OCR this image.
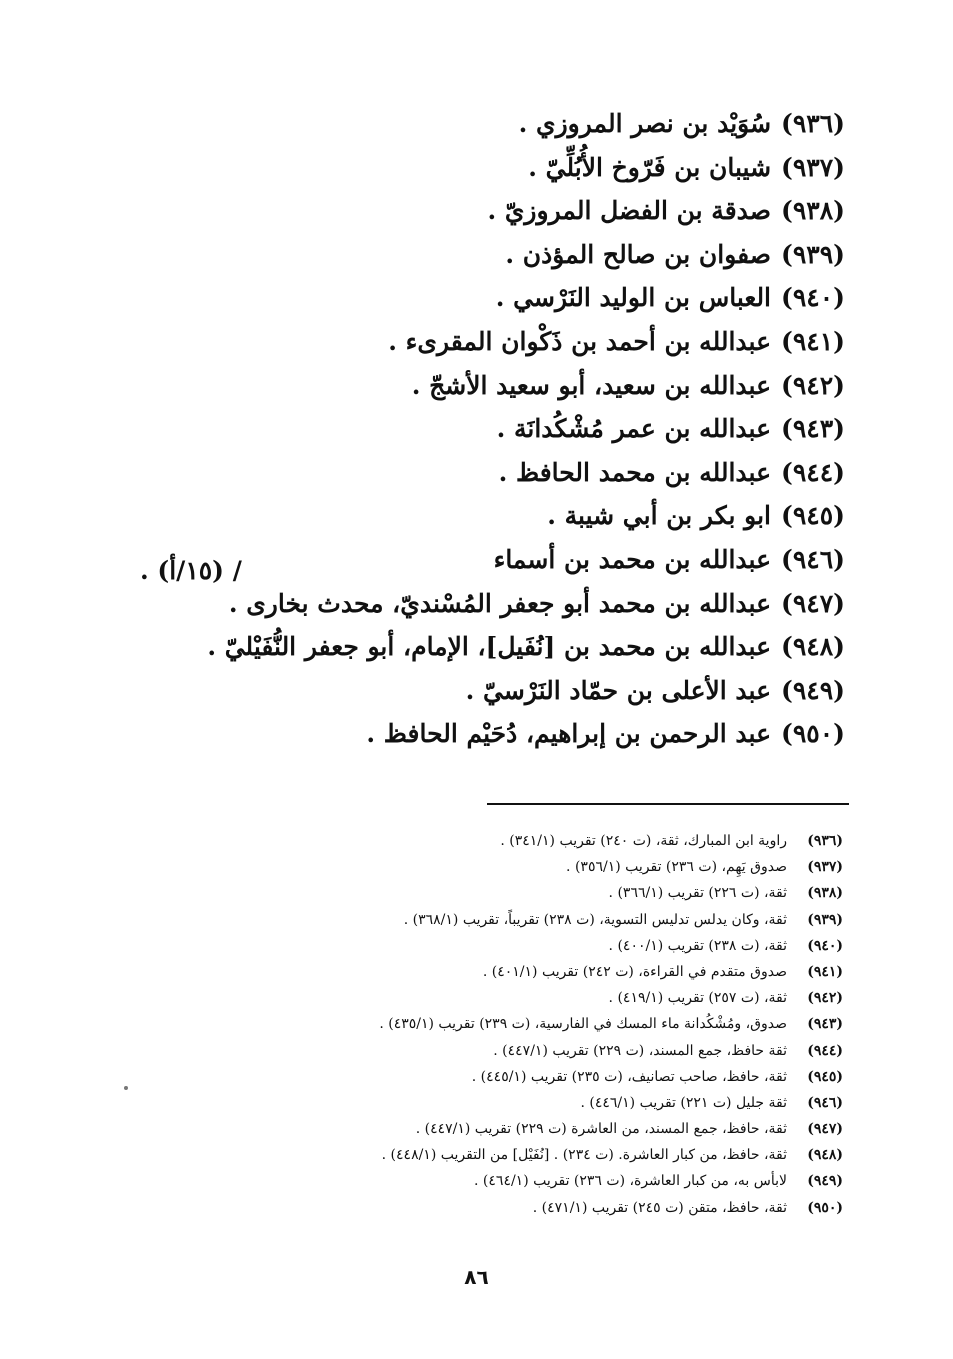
(٩٣٦)سُوَيْد بن نصر المروزي .
(٩٣٧)شيبان بن فَرّوخ الأُبُلِّيّ .
(٩٣٨)صدقة بن الفضل المروزيّ .
(٩٣٩)صفوان بن صالح المؤذن .
(٩٤٠)العباس بن الوليد النَرْسي .
(٩٤١)عبدالله بن أحمد بن ذَكْوان المقرىء .
(٩٤٢)عبدالله بن سعيد، أبو سعيد الأشجّ .
(٩٤٣)عبدالله بن عمر مُشْكُدانَة .
(٩٤٤)عبدالله بن محمد الحافظ .
(٩٤٥)ابو بكر بن أبي شيبة .
(٩٤٦)عبدالله بن محمد بن أسماء
(٩٤٧)عبدالله بن محمد أبو جعفر المُسْنديّ، محدث بخارى .
(٩٤٨)عبدالله بن محمد بن [نُفَيل]، الإمام، أبو جعفر النُّفَيْليّ .
(٩٤٩)عبد الأعلى بن حمّاد النَرْسيّ .
(٩٥٠)عبد الرحمن بن إبراهيم، دُحَيْم الحافظ .
/ (١٥/أ) .
(٩٣٦)راوية ابن المبارك، ثقة، (ت ٢٤٠) تقريب (٣٤١/١) .
(٩٣٧)صدوق يَهِم، (ت ٢٣٦) تقريب (٣٥٦/١) .
(٩٣٨)ثقة، (ت ٢٢٦) تقريب (٣٦٦/١) .
(٩٣٩)ثقة، وكان يدلس تدليس التسوية، (ت ٢٣٨) تقريباً، تقريب (٣٦٨/١) .
(٩٤٠)ثقة، (ت ٢٣٨) تقريب (٤٠٠/١) .
(٩٤١)صدوق متقدم في القراءة، (ت ٢٤٢) تقريب (٤٠١/١) .
(٩٤٢)ثقة، (ت ٢٥٧) تقريب (٤١٩/١) .
(٩٤٣)صدوق، ومُشْكُدانة ماء المسك في الفارسية، (ت ٢٣٩) تقريب (٤٣٥/١) .
(٩٤٤)ثقة حافظ، جمع المسند، (ت ٢٢٩) تقريب (٤٤٧/١) .
(٩٤٥)ثقة، حافظ، صاحب تصانيف، (ت ٢٣٥) تقريب (٤٤٥/١) .
(٩٤٦)ثقة جليل (ت ٢٢١) تقريب (٤٤٦/١) .
(٩٤٧)ثقة، حافظ، جمع المسند، من العاشرة (ت ٢٢٩) تقريب (٤٤٧/١) .
(٩٤٨)ثقة، حافظ، من كبار العاشرة. (ت ٢٣٤) . [نُفَيْل] من التقريب (٤٤٨/١) .
(٩٤٩)لابأس به، من كبار العاشرة، (ت ٢٣٦) تقريب (٤٦٤/١) .
(٩٥٠)ثقة، حافظ، متقن (ت ٢٤٥) تقريب (٤٧١/١) .
٨٦
